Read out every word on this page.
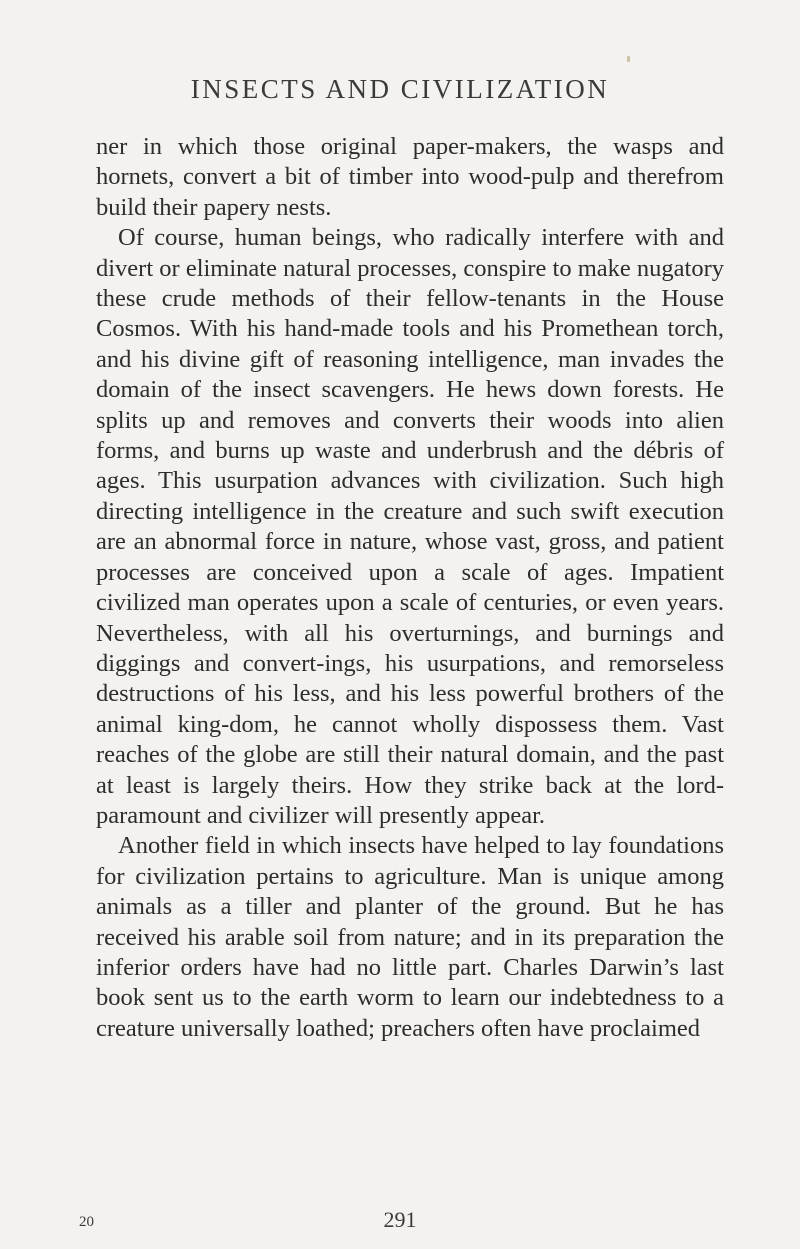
INSECTS AND CIVILIZATION

ner in which those original paper-makers, the wasps and hornets, convert a bit of timber into wood-pulp and therefrom build their papery nests.

Of course, human beings, who radically interfere with and divert or eliminate natural processes, conspire to make nugatory these crude methods of their fellow-tenants in the House Cosmos. With his hand-made tools and his Promethean torch, and his divine gift of reasoning intelligence, man invades the domain of the insect scavengers. He hews down forests. He splits up and removes and converts their woods into alien forms, and burns up waste and underbrush and the débris of ages. This usurpation advances with civilization. Such high directing intelligence in the creature and such swift execution are an abnormal force in nature, whose vast, gross, and patient processes are conceived upon a scale of ages. Impatient civilized man operates upon a scale of centuries, or even years. Nevertheless, with all his overturnings, and burnings and diggings and convert-ings, his usurpations, and remorseless destructions of his less, and his less powerful brothers of the animal king-dom, he cannot wholly dispossess them. Vast reaches of the globe are still their natural domain, and the past at least is largely theirs. How they strike back at the lord-paramount and civilizer will presently appear.

Another field in which insects have helped to lay foundations for civilization pertains to agriculture. Man is unique among animals as a tiller and planter of the ground. But he has received his arable soil from nature; and in its preparation the inferior orders have had no little part. Charles Darwin’s last book sent us to the earth worm to learn our indebtedness to a creature universally loathed; preachers often have proclaimed

20	291
